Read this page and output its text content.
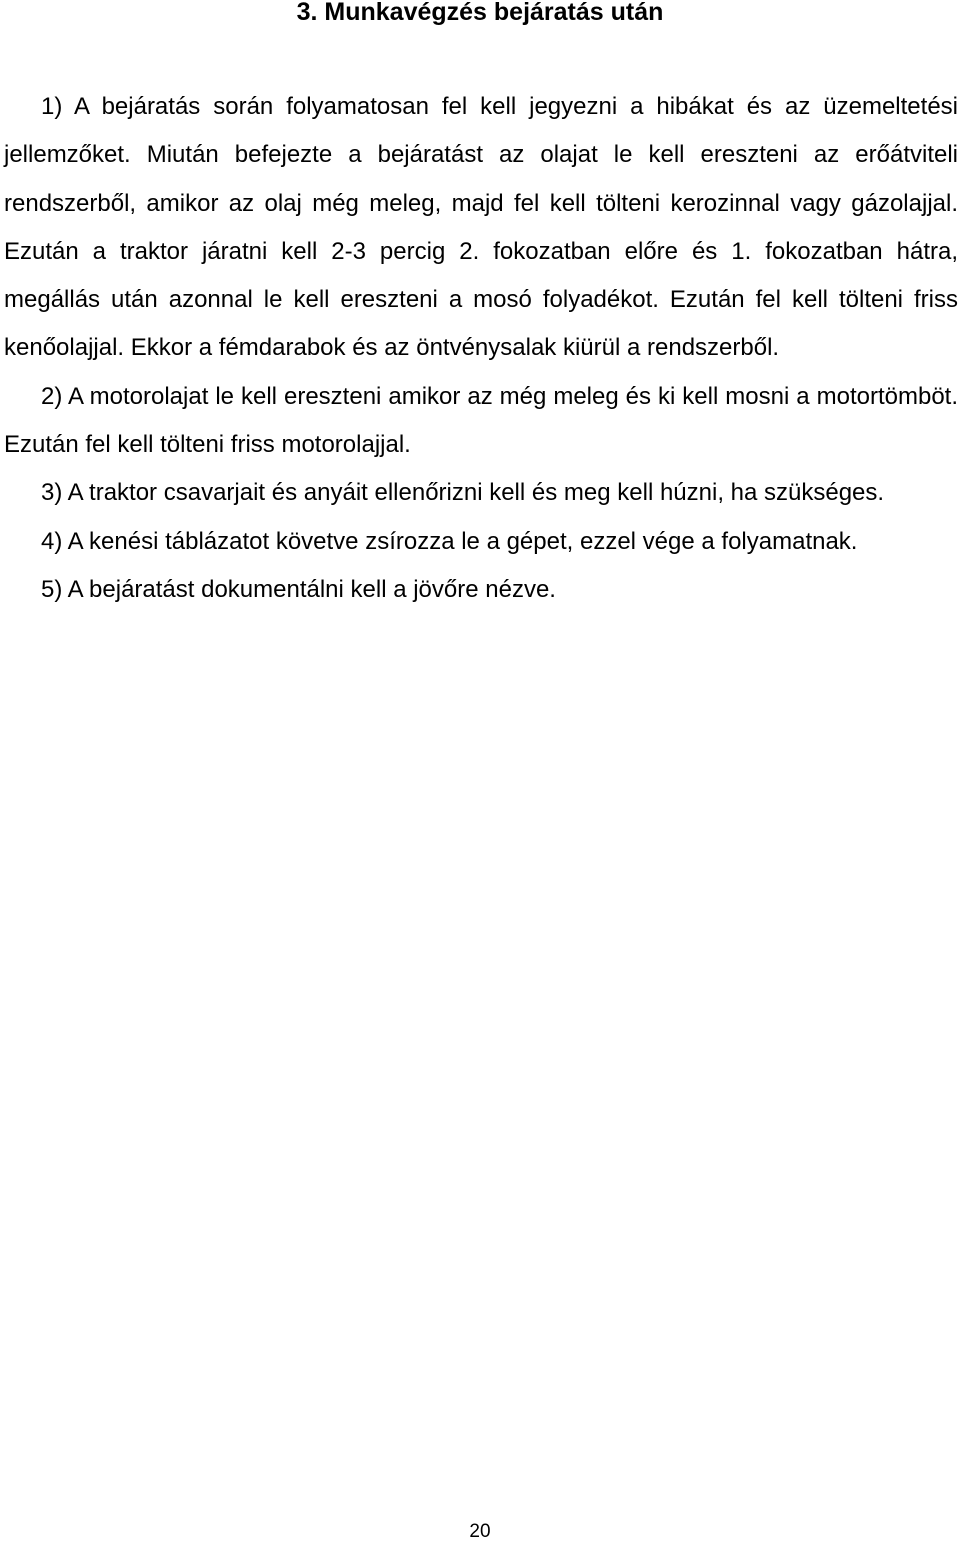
3. Munkavégzés bejáratás után

1) A bejáratás során folyamatosan fel kell jegyezni a hibákat és az üzemeltetési jellemzőket. Miután befejezte a bejáratást az olajat le kell ereszteni az erőátviteli rendszerből, amikor az olaj még meleg, majd fel kell tölteni kerozinnal vagy gázolajjal. Ezután a traktor járatni kell 2-3 percig 2. fokozatban előre és 1. fokozatban hátra, megállás után azonnal le kell ereszteni a mosó folyadékot. Ezután fel kell tölteni friss kenőolajjal. Ekkor a fémdarabok és az öntvénysalak kiürül a rendszerből.

2) A motorolajat le kell ereszteni amikor az még meleg és ki kell mosni a motortömböt. Ezután fel kell tölteni friss motorolajjal.

3) A traktor csavarjait és anyáit ellenőrizni kell és meg kell húzni, ha szükséges.

4) A kenési táblázatot követve zsírozza le a gépet, ezzel vége a folyamatnak.

5) A bejáratást dokumentálni kell a jövőre nézve.

20
